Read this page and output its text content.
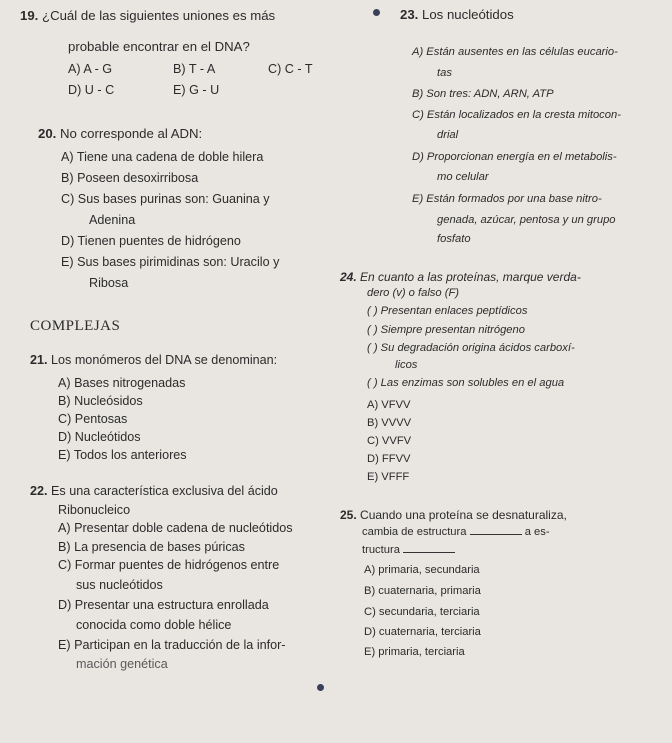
19. ¿Cuál de las siguientes uniones es más
probable encontrar en el DNA?
A) A - G	B) T - A	C) C - T
D) U - C	E) G - U
20. No corresponde al ADN:
A) Tiene una cadena de doble hilera
B) Poseen desoxirribosa
C) Sus bases purinas son: Guanina y
Adenina
D) Tienen puentes de hidrógeno
E) Sus bases pirimidinas son: Uracilo y
Ribosa
COMPLEJAS
21. Los monómeros del DNA se denominan:
A) Bases nitrogenadas
B) Nucleósidos
C) Pentosas
D) Nucleótidos
E) Todos los anteriores
22. Es una característica exclusiva del ácido
Ribonucleico
A) Presentar doble cadena de nucleótidos
B) La presencia de bases púricas
C) Formar puentes de hidrógenos entre
sus nucleótidos
D) Presentar una estructura enrollada
conocida como doble hélice
E) Participan en la traducción de la infor-
mación genética
23. Los nucleótidos
A) Están ausentes en las células eucario-
tas
B) Son tres: ADN, ARN, ATP
C) Están localizados en la cresta mitocon-
drial
D) Proporcionan energía en el metabolis-
mo celular
E) Están formados por una base nitro-
genada, azúcar, pentosa y un grupo
fosfato
24. En cuanto a las proteínas, marque verda-
dero (v) o falso (F)
( ) Presentan enlaces peptídicos
( ) Siempre presentan nitrógeno
( ) Su degradación origina ácidos carboxí-
licos
( ) Las enzimas son solubles en el agua
A) VFVV
B) VVVV
C) VVFV
D) FFVV
E) VFFF
25. Cuando una proteína se desnaturaliza,
cambia de estructura	a es-
tructura
A) primaria, secundaria
B) cuaternaria, primaria
C) secundaria, terciaria
D) cuaternaria, terciaria
E) primaria, terciaria
